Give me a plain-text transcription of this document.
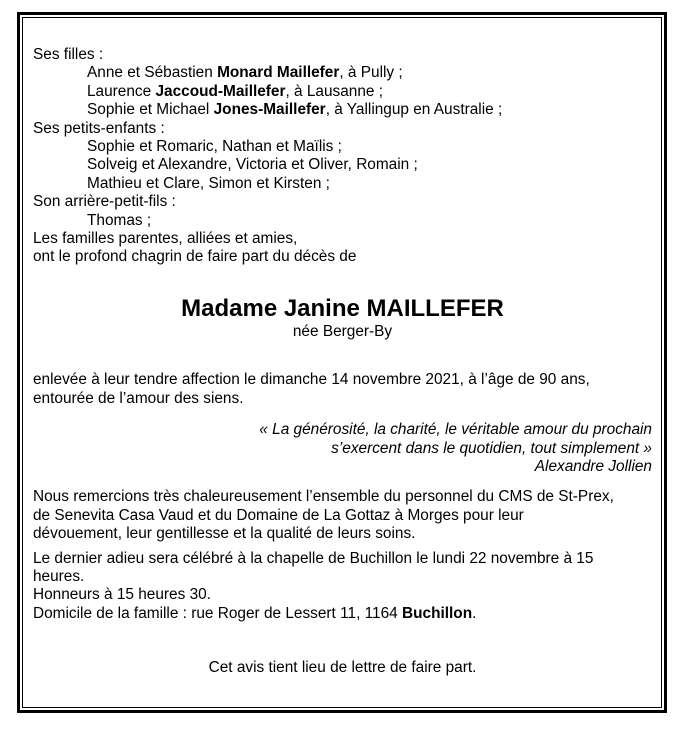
Ses filles :
Anne et Sébastien Monard Maillefer, à Pully ;
Laurence Jaccoud-Maillefer, à Lausanne ;
Sophie et Michael Jones-Maillefer, à Yallingup en Australie ;
Ses petits-enfants :
Sophie et Romaric, Nathan et Maïlis ;
Solveig et Alexandre, Victoria et Oliver, Romain ;
Mathieu et Clare, Simon et Kirsten ;
Son arrière-petit-fils :
Thomas ;
Les familles parentes, alliées et amies,
ont le profond chagrin de faire part du décès de
Madame Janine MAILLEFER
née Berger-By
enlevée à leur tendre affection le dimanche 14 novembre 2021, à l’âge de 90 ans,
entourée de l’amour des siens.
« La générosité, la charité, le véritable amour du prochain
s’exercent dans le quotidien, tout simplement »
Alexandre Jollien
Nous remercions très chaleureusement l’ensemble du personnel du CMS de St-Prex,
de Senevita Casa Vaud et du Domaine de La Gottaz à Morges pour leur
dévouement, leur gentillesse et la qualité de leurs soins.
Le dernier adieu sera célébré à la chapelle de Buchillon le lundi 22 novembre à 15
heures.
Honneurs à 15 heures 30.
Domicile de la famille : rue Roger de Lessert 11, 1164 Buchillon.
Cet avis tient lieu de lettre de faire part.
